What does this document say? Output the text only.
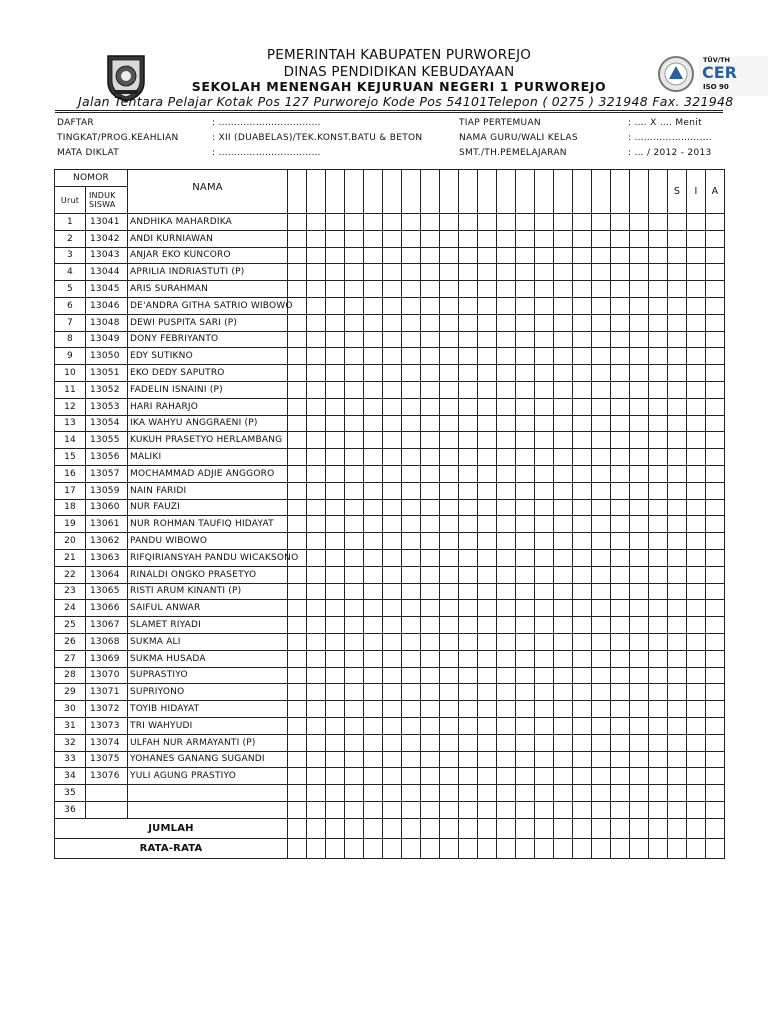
PEMERINTAH KABUPATEN PURWOREJO
DINAS PENDIDIKAN KEBUDAYAAN
SEKOLAH MENENGAH KEJURUAN NEGERI 1 PURWOREJO
TÜV/TH
CER
ISO 90
Jalan Tentara Pelajar Kotak Pos 127 Purworejo Kode Pos 54101Telepon ( 0275 ) 321948 Fax. 321948
DAFTAR	: ……………………………
TINGKAT/PROG.KEAHLIAN	: XII (DUABELAS)/TEK.KONST.BATU & BETON
MATA DIKLAT	: ……………………………
TIAP PERTEMUAN	: …. X …. Menit
NAMA GURU/WALI KELAS	: …………………….
SMT./TH.PEMELAJARAN	: … / 2012 - 2013
NOMOR		NAMA																					S	I	A
Urut	INDUK
SISWA																								

1	13041	ANDHIKA MAHARDIKA																							
2	13042	ANDI KURNIAWAN																							
3	13043	ANJAR EKO KUNCORO																							
4	13044	APRILIA INDRIASTUTI (P)																							
5	13045	ARIS SURAHMAN																							
6	13046	DE'ANDRA GITHA SATRIO WIBOWO																							
7	13048	DEWI PUSPITA SARI (P)																							
8	13049	DONY FEBRIYANTO																							
9	13050	EDY SUTIKNO																							
10	13051	EKO DEDY SAPUTRO																							
11	13052	FADELIN ISNAINI (P)																							
12	13053	HARI RAHARJO																							
13	13054	IKA WAHYU ANGGRAENI (P)																							
14	13055	KUKUH PRASETYO HERLAMBANG																							
15	13056	MALIKI																							
16	13057	MOCHAMMAD ADJIE ANGGORO																							
17	13059	NAIN FARIDI																							
18	13060	NUR FAUZI																							
19	13061	NUR ROHMAN TAUFIQ HIDAYAT																							
20	13062	PANDU WIBOWO																							
21	13063	RIFQIRIANSYAH PANDU WICAKSONO																							
22	13064	RINALDI ONGKO PRASETYO																							
23	13065	RISTI ARUM KINANTI (P)																							
24	13066	SAIFUL ANWAR																							
25	13067	SLAMET RIYADI																							
26	13068	SUKMA ALI																							
27	13069	SUKMA HUSADA																							
28	13070	SUPRASTIYO																							
29	13071	SUPRIYONO																							
30	13072	TOYIB HIDAYAT																							
31	13073	TRI WAHYUDI																							
32	13074	ULFAH NUR ARMAYANTI (P)																							
33	13075	YOHANES GANANG SUGANDI																							
34	13076	YULI AGUNG PRASTIYO																							
35																									
36																									
JUMLAH																									
RATA-RATA																									
